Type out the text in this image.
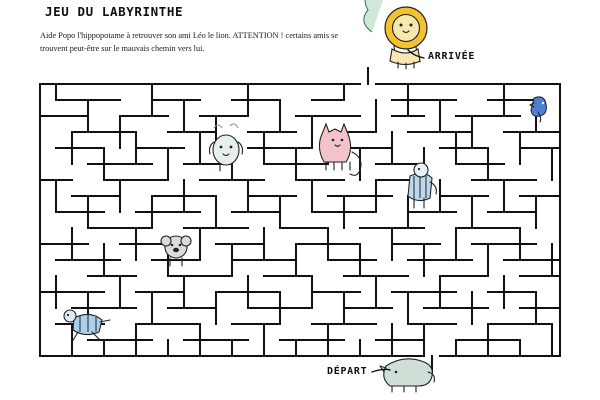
JEU DU LABYRINTHE
Aide Popo l'hippopotame à retrouver son ami Léo le lion. ATTENTION ! certains amis se trouvent peut-être sur le mauvais chemin vers lui.
ARRIVÉE
DÉPART
